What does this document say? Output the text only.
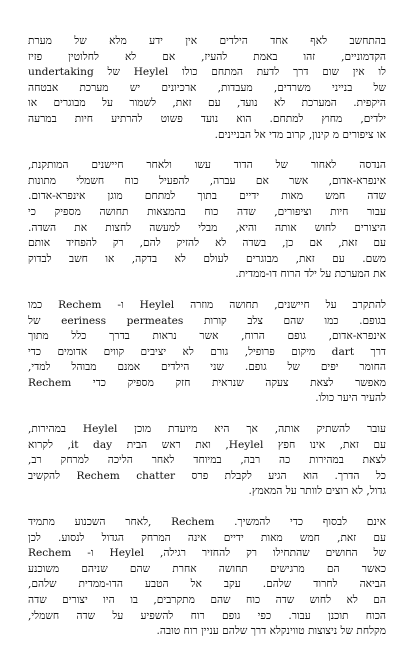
בהתחשב לאף אחד הילדים אין ידע מלא של מערת
הקדמוניים, זהו באמת להעיז, אם לא לחלוטין פזיז
לו אין שום דרך לדעת המתחם כולו Heylel של undertaking
של בנייני משרדים, מעבדות, ארכיונים יש מערכת אבטחה
היקפית. המערכת לא נועד, עם זאת, לשמור על מבוגרים או
ילדים, מחוץ למתחם. הוא נועד פשוט להרתיע חיות במרעה
או ציפורים מ קינון, קרוב מדי אל הבניינים.
הנדסה לאחור של הדוד עשו ולאחר חיישנים המותקנת,
אינפרא-אדום, אשר אם עברה, להפעיל כוח חשמלי מתונות
שדה חמש מאות ידיים בתוך למתחם מוגן אינפרא-אדום.
עבור חיות וציפורים, שדה כוח בהמצאות תחושה מספיק כי
היצורים לחוש אותה והיא, מבלי למעשה לחצות את השדה.
עם זאת, אם כן, בשדה לא להזיק להם, רק להפחיד אותם
משם. עם זאת, מבוגרים לעולם לא בדקה, או חשב לבדוק
את המערכת על ילד הרוח דו-ממדית.
להתקרב על חיישנים, תחושה מוזרה Heylel ו- Rechem כמו
בגופם. כמו שהם צלב קורות eeriness permeates של
אינפרא-אדום, גופם הרוח, אשר נראות בדרך כלל מתוך
דרך dart מיקום פרופיל, גורם לא יציבים קווים אדומים כדי
החומר יפים של גופם. שני הילדים אמנם מבוהל למדי,
מאפשר לצאת צעקה שנראית חזק מספיק כדי Rechem
להעיר היער כולו.
עובר להשתיק אותה, אך היא מיועדת מוכן Heylel במהירות,
עם זאת, אינו חפץ Heylel, ואת ראש הבית it day, לקרוא
לצאת במהירות כה רבה, במיוחד לאחר הליכה למרחק רב,
כל הדרך. הוא הגיע לקבלת פרס Rechem chatter להקשיב
גדול, לא רוצים לוותר על המאמץ.
אינם לבסוף כדי להמשיך. Rechem ,לאחר השכנוע מתמיד
עם זאת, חמש מאות ידיים אינה המרחק הגדול לנסוע. לכן
של החושים שהתחילו רק להחזיר רגילה, Heylel ו- Rechem
כאשר הם מרגישים תחושה אחרת שהם שניהם משוכנע
הביאה לחרוד שלהם. עקב אל הטבע הדו-ממדית שלהם,
הם לא לחוש שדה כוח שהם מתקרבים, בו היו יצורים שדה
הכוח תוכנן עבור. כפי גופם רוח להשפיע על שדה חשמלי,
מקלחת של ניצוצות טווינקלא דרך שלהם עניין רוח טובה.
